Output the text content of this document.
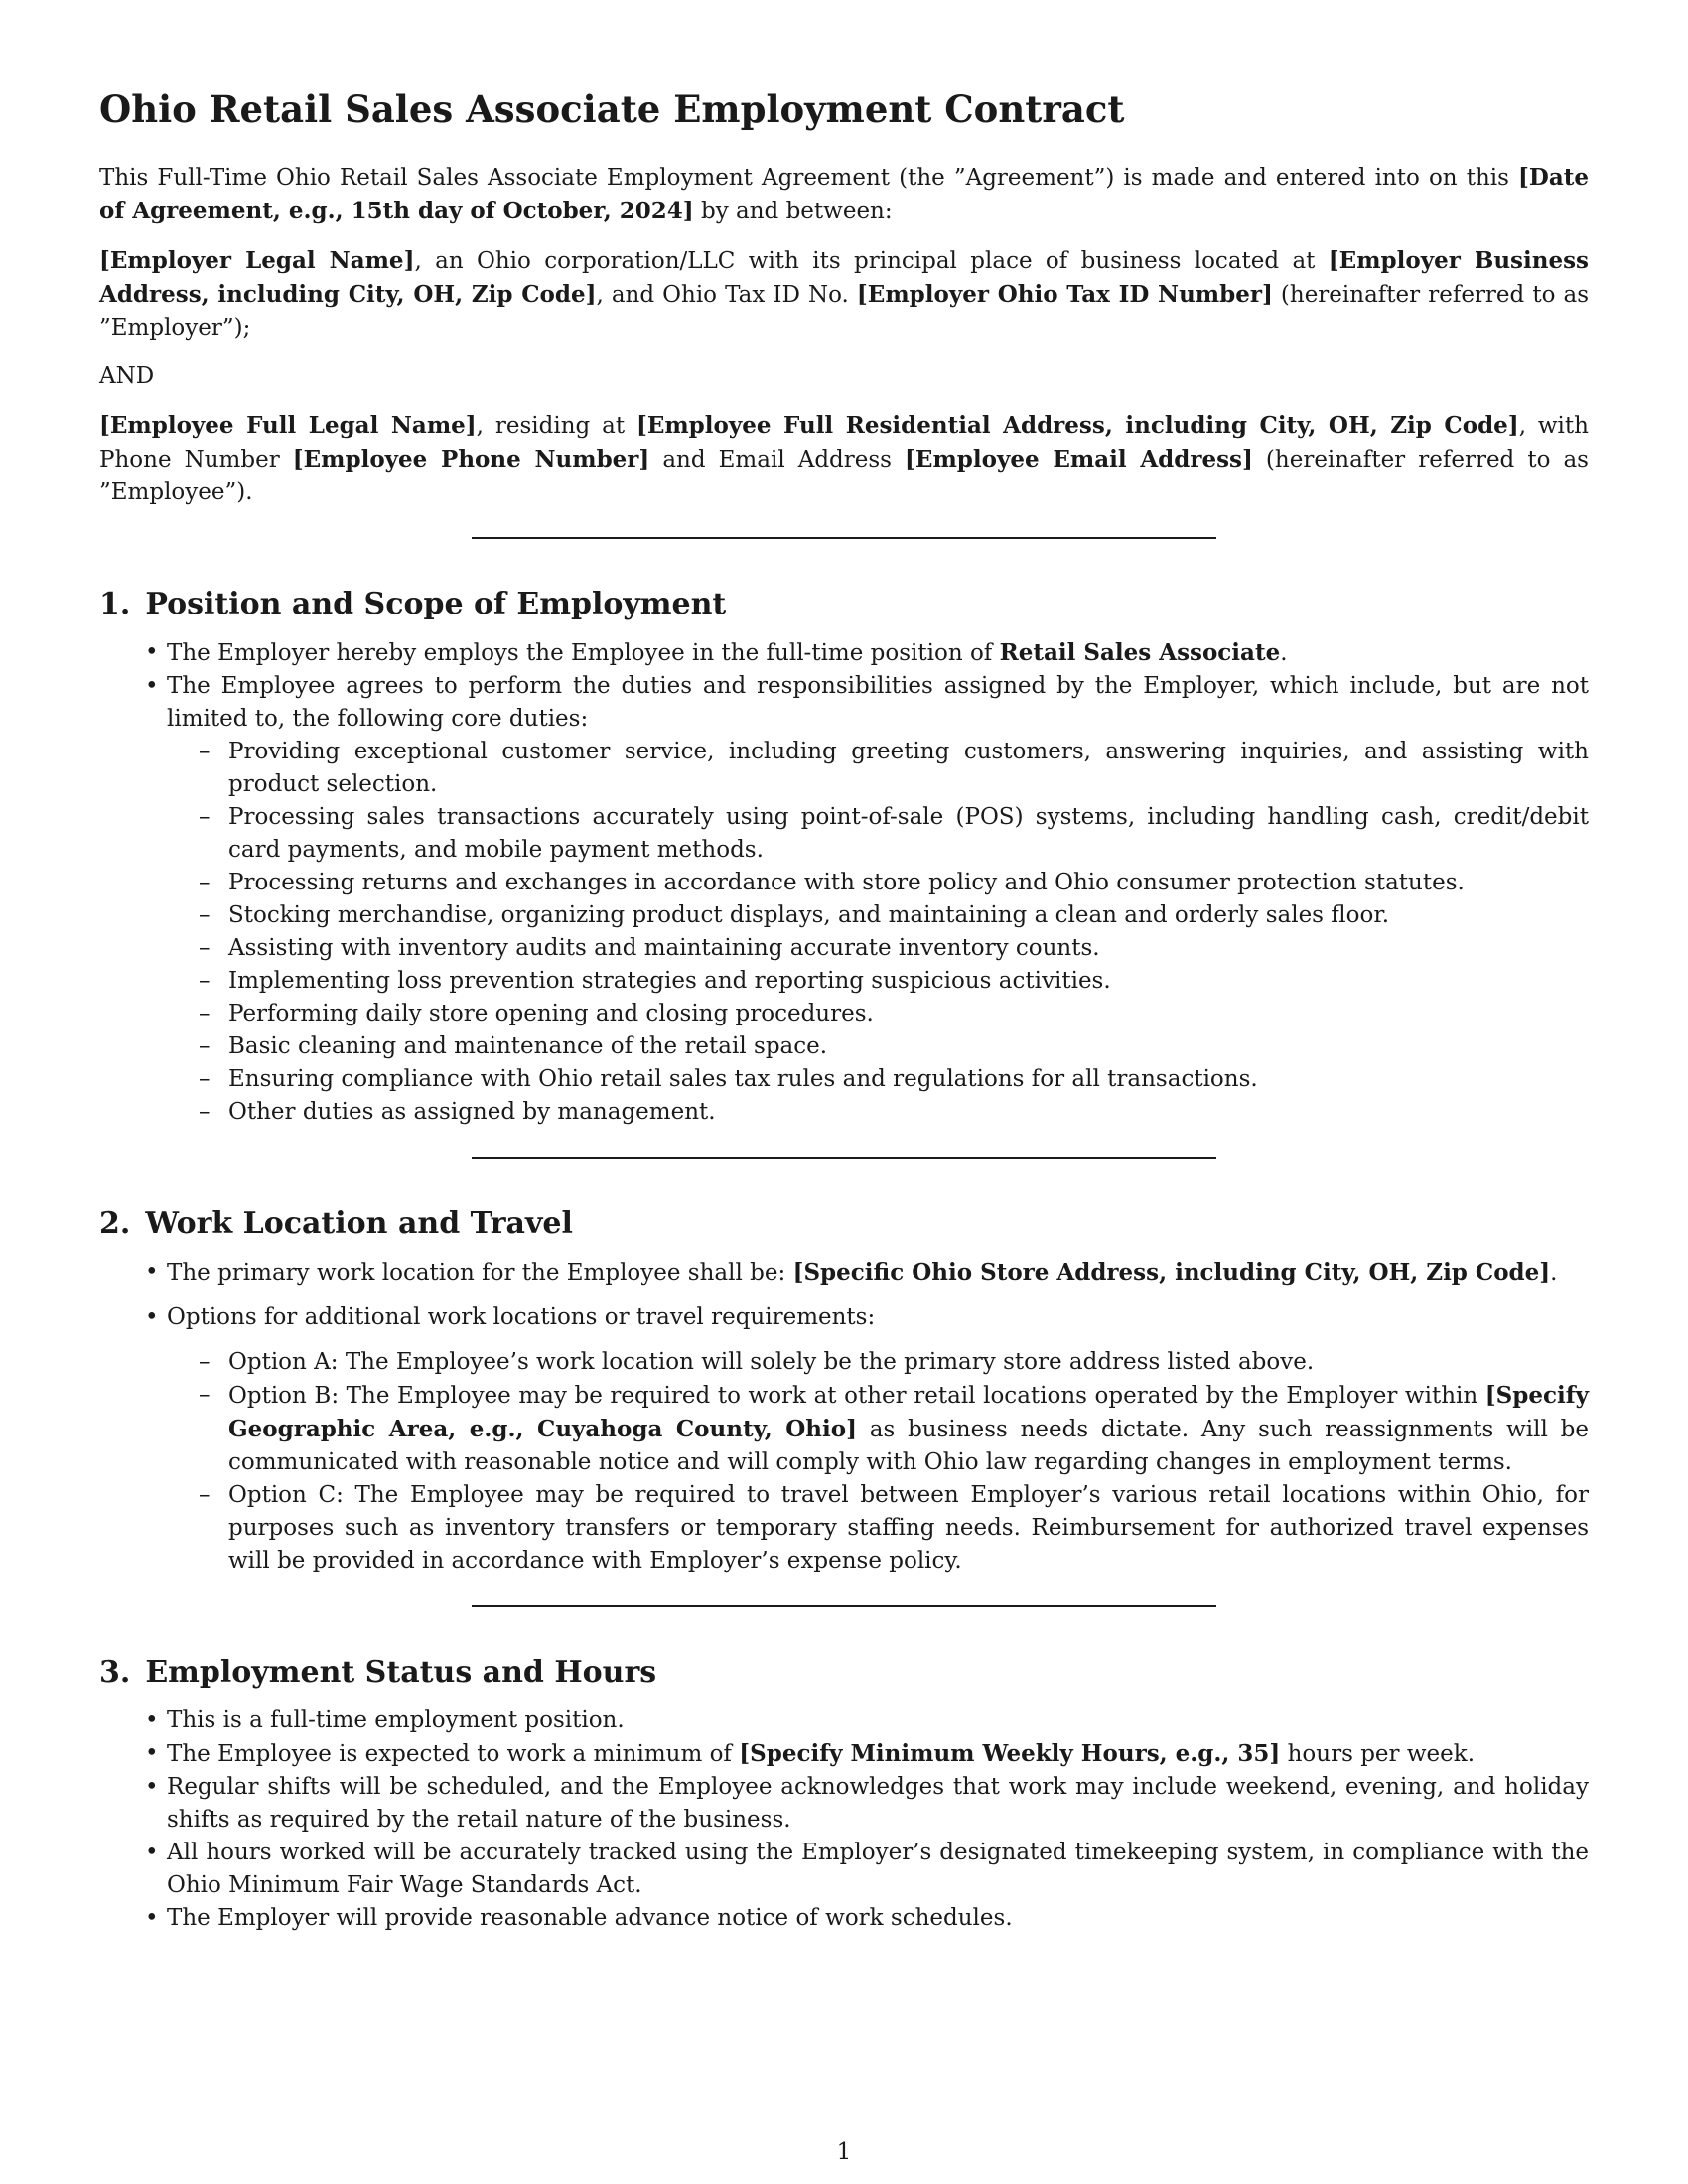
Ohio Retail Sales Associate Employment Contract

This Full-Time Ohio Retail Sales Associate Employment Agreement (the ”Agreement”) is made and entered into on this [Date of Agreement, e.g., 15th day of October, 2024] by and between:

[Employer Legal Name], an Ohio corporation/LLC with its principal place of business located at [Employer Business Address, including City, OH, Zip Code], and Ohio Tax ID No. [Employer Ohio Tax ID Number] (hereinafter referred to as ”Employer”);

AND

[Employee Full Legal Name], residing at [Employee Full Residential Address, including City, OH, Zip Code], with Phone Number [Employee Phone Number] and Email Address [Employee Email Address] (hereinafter referred to as ”Employee”).

1. Position and Scope of Employment
• The Employer hereby employs the Employee in the full-time position of Retail Sales Associate.
• The Employee agrees to perform the duties and responsibilities assigned by the Employer, which include, but are not limited to, the following core duties:
– Providing exceptional customer service, including greeting customers, answering inquiries, and assisting with product selection.
– Processing sales transactions accurately using point-of-sale (POS) systems, including handling cash, credit/debit card payments, and mobile payment methods.
– Processing returns and exchanges in accordance with store policy and Ohio consumer protection statutes.
– Stocking merchandise, organizing product displays, and maintaining a clean and orderly sales floor.
– Assisting with inventory audits and maintaining accurate inventory counts.
– Implementing loss prevention strategies and reporting suspicious activities.
– Performing daily store opening and closing procedures.
– Basic cleaning and maintenance of the retail space.
– Ensuring compliance with Ohio retail sales tax rules and regulations for all transactions.
– Other duties as assigned by management.
2. Work Location and Travel
• The primary work location for the Employee shall be: [Specific Ohio Store Address, including City, OH, Zip Code].
• Options for additional work locations or travel requirements:
– Option A: The Employee’s work location will solely be the primary store address listed above.
– Option B: The Employee may be required to work at other retail locations operated by the Employer within [Specify Geographic Area, e.g., Cuyahoga County, Ohio] as business needs dictate. Any such reassignments will be communicated with reasonable notice and will comply with Ohio law regarding changes in employment terms.
– Option C: The Employee may be required to travel between Employer’s various retail locations within Ohio, for purposes such as inventory transfers or temporary staffing needs. Reimbursement for authorized travel expenses will be provided in accordance with Employer’s expense policy.
3. Employment Status and Hours
• This is a full-time employment position.
• The Employee is expected to work a minimum of [Specify Minimum Weekly Hours, e.g., 35] hours per week.
• Regular shifts will be scheduled, and the Employee acknowledges that work may include weekend, evening, and holiday shifts as required by the retail nature of the business.
• All hours worked will be accurately tracked using the Employer’s designated timekeeping system, in compliance with the Ohio Minimum Fair Wage Standards Act.
• The Employer will provide reasonable advance notice of work schedules.
1
